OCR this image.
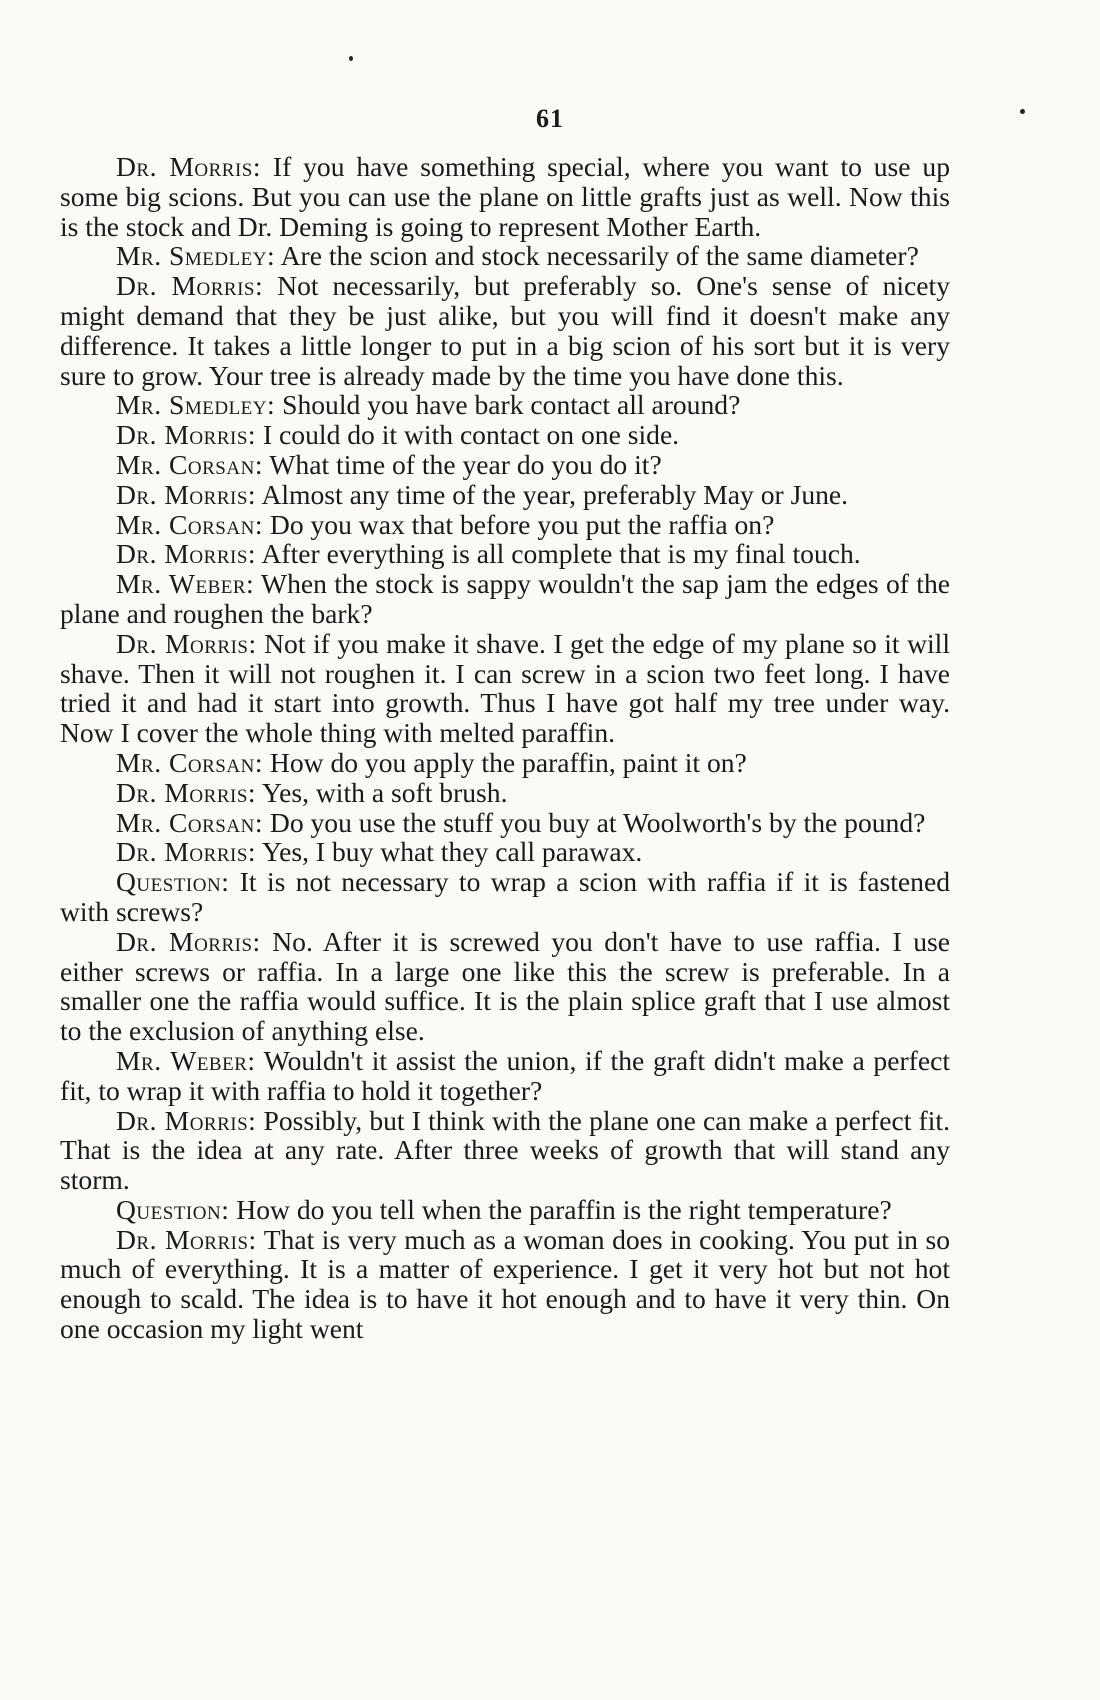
61

Dr. Morris: If you have something special, where you want to use up some big scions. But you can use the plane on little grafts just as well. Now this is the stock and Dr. Deming is going to represent Mother Earth.

Mr. Smedley: Are the scion and stock necessarily of the same diameter?

Dr. Morris: Not necessarily, but preferably so. One's sense of nicety might demand that they be just alike, but you will find it doesn't make any difference. It takes a little longer to put in a big scion of his sort but it is very sure to grow. Your tree is already made by the time you have done this.

Mr. Smedley: Should you have bark contact all around?

Dr. Morris: I could do it with contact on one side.

Mr. Corsan: What time of the year do you do it?

Dr. Morris: Almost any time of the year, preferably May or June.

Mr. Corsan: Do you wax that before you put the raffia on?

Dr. Morris: After everything is all complete that is my final touch.

Mr. Weber: When the stock is sappy wouldn't the sap jam the edges of the plane and roughen the bark?

Dr. Morris: Not if you make it shave. I get the edge of my plane so it will shave. Then it will not roughen it. I can screw in a scion two feet long. I have tried it and had it start into growth. Thus I have got half my tree under way. Now I cover the whole thing with melted paraffin.

Mr. Corsan: How do you apply the paraffin, paint it on?

Dr. Morris: Yes, with a soft brush.

Mr. Corsan: Do you use the stuff you buy at Woolworth's by the pound?

Dr. Morris: Yes, I buy what they call parawax.

Question: It is not necessary to wrap a scion with raffia if it is fastened with screws?

Dr. Morris: No. After it is screwed you don't have to use raffia. I use either screws or raffia. In a large one like this the screw is preferable. In a smaller one the raffia would suffice. It is the plain splice graft that I use almost to the exclusion of anything else.

Mr. Weber: Wouldn't it assist the union, if the graft didn't make a perfect fit, to wrap it with raffia to hold it together?

Dr. Morris: Possibly, but I think with the plane one can make a perfect fit. That is the idea at any rate. After three weeks of growth that will stand any storm.

Question: How do you tell when the paraffin is the right temperature?

Dr. Morris: That is very much as a woman does in cooking. You put in so much of everything. It is a matter of experience. I get it very hot but not hot enough to scald. The idea is to have it hot enough and to have it very thin. On one occasion my light went
